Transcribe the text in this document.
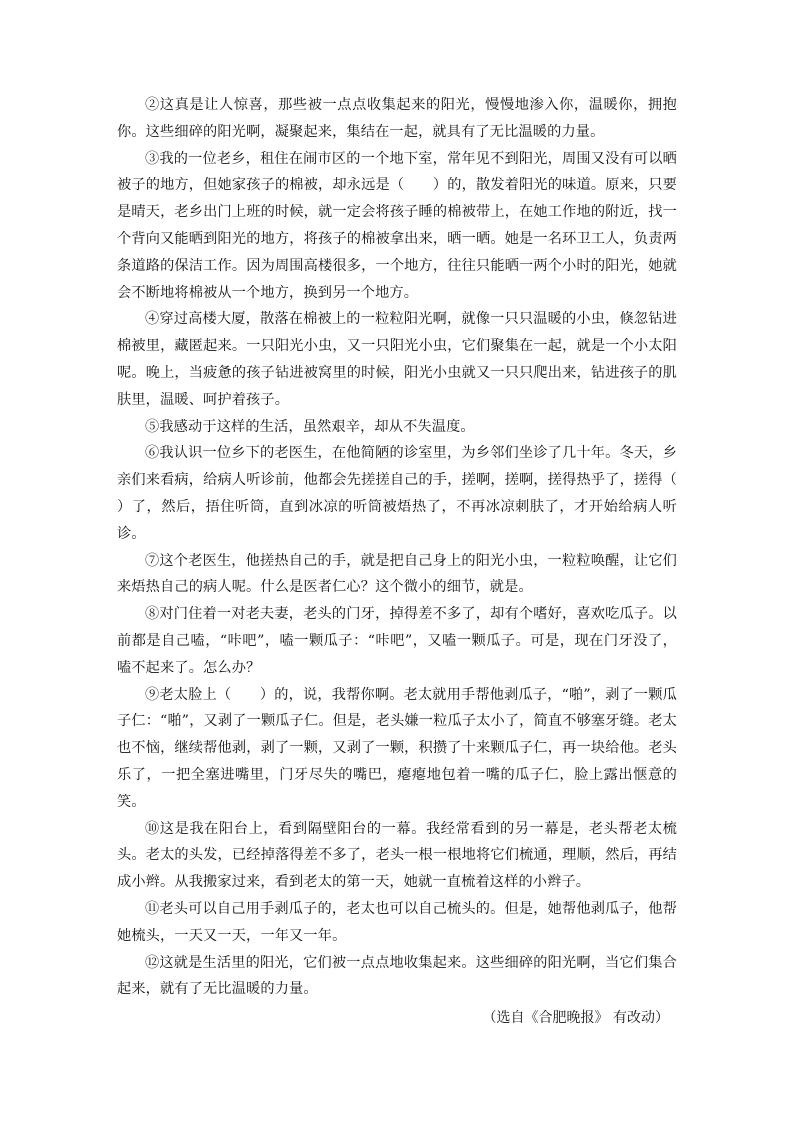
②这真是让人惊喜，那些被一点点收集起来的阳光，慢慢地渗入你，温暖你，拥抱你。这些细碎的阳光啊，凝聚起来，集结在一起，就具有了无比温暖的力量。

③我的一位老乡，租住在闹市区的一个地下室，常年见不到阳光，周围又没有可以晒被子的地方，但她家孩子的棉被，却永远是（　　）的，散发着阳光的味道。原来，只要是晴天，老乡出门上班的时候，就一定会将孩子睡的棉被带上，在她工作地的附近，找一个背向又能晒到阳光的地方，将孩子的棉被拿出来，晒一晒。她是一名环卫工人，负责两条道路的保洁工作。因为周围高楼很多，一个地方，往往只能晒一两个小时的阳光，她就会不断地将棉被从一个地方，换到另一个地方。

④穿过高楼大厦，散落在棉被上的一粒粒阳光啊，就像一只只温暖的小虫，倏忽钻进棉被里，藏匿起来。一只阳光小虫，又一只阳光小虫，它们聚集在一起，就是一个小太阳呢。晚上，当疲惫的孩子钻进被窝里的时候，阳光小虫就又一只只爬出来，钻进孩子的肌肤里，温暖、呵护着孩子。

⑤我感动于这样的生活，虽然艰辛，却从不失温度。

⑥我认识一位乡下的老医生，在他简陋的诊室里，为乡邻们坐诊了几十年。冬天，乡亲们来看病，给病人听诊前，他都会先搓搓自己的手，搓啊，搓啊，搓得热乎了，搓得（　　）了，然后，捂住听筒，直到冰凉的听筒被焐热了，不再冰凉刺肤了，才开始给病人听诊。

⑦这个老医生，他搓热自己的手，就是把自己身上的阳光小虫，一粒粒唤醒，让它们来焐热自己的病人呢。什么是医者仁心？这个微小的细节，就是。

⑧对门住着一对老夫妻，老头的门牙，掉得差不多了，却有个嗜好，喜欢吃瓜子。以前都是自己嗑，“咔吧”，嗑一颗瓜子：“咔吧”，又嗑一颗瓜子。可是，现在门牙没了，嗑不起来了。怎么办？

⑨老太脸上（　　）的，说，我帮你啊。老太就用手帮他剥瓜子，“啪”，剥了一颗瓜子仁：“啪”，又剥了一颗瓜子仁。但是，老头嫌一粒瓜子太小了，简直不够塞牙缝。老太也不恼，继续帮他剥，剥了一颗，又剥了一颗，积攒了十来颗瓜子仁，再一块给他。老头乐了，一把全塞进嘴里，门牙尽失的嘴巴，瘪瘪地包着一嘴的瓜子仁，脸上露出惬意的笑。

⑩这是我在阳台上，看到隔壁阳台的一幕。我经常看到的另一幕是，老头帮老太梳头。老太的头发，已经掉落得差不多了，老头一根一根地将它们梳通，理顺，然后，再结成小辫。从我搬家过来，看到老太的第一天，她就一直梳着这样的小辫子。

⑪老头可以自己用手剥瓜子的，老太也可以自己梳头的。但是，她帮他剥瓜子，他帮她梳头，一天又一天，一年又一年。

⑫这就是生活里的阳光，它们被一点点地收集起来。这些细碎的阳光啊，当它们集合起来，就有了无比温暖的力量。

（选自《合肥晚报》 有改动）
